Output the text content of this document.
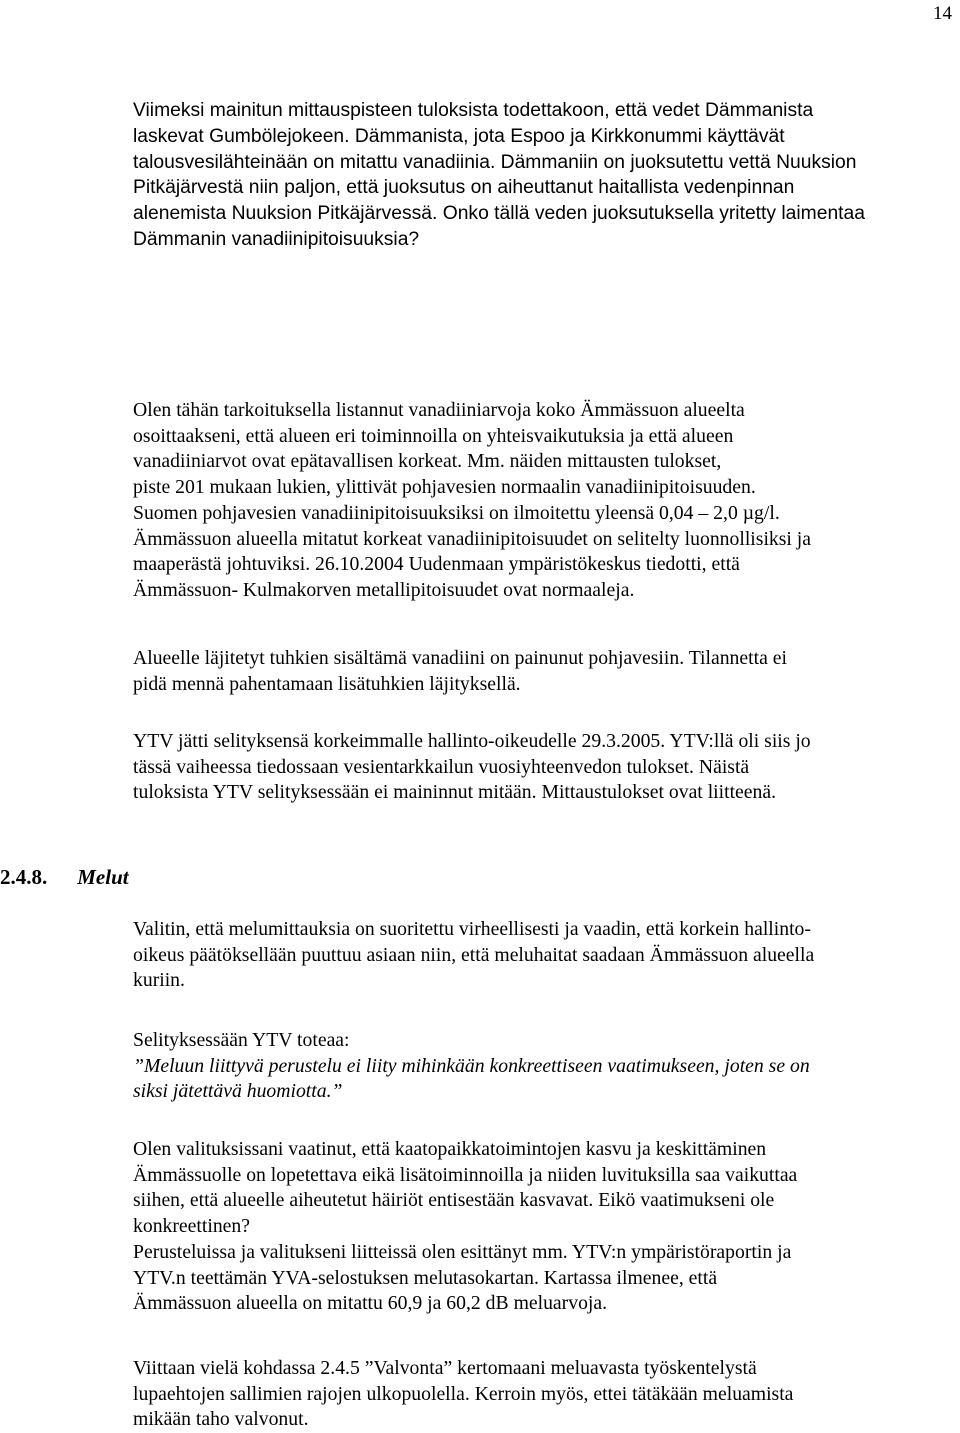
14
Viimeksi mainitun mittauspisteen tuloksista todettakoon, että vedet Dämmanista
laskevat Gumbölejokeen. Dämmanista, jota Espoo ja Kirkkonummi käyttävät
talousvesilähteinään on mitattu vanadiinia. Dämmaniin on juoksutettu vettä Nuuksion
Pitkäjärvestä niin paljon, että juoksutus on aiheuttanut haitallista vedenpinnan
alenemista Nuuksion Pitkäjärvessä. Onko tällä veden juoksutuksella yritetty laimentaa
Dämmanin vanadiinipitoisuuksia?
Olen tähän tarkoituksella listannut vanadiiniarvoja koko Ämmässuon alueelta
osoittaakseni, että alueen eri toiminnoilla on yhteisvaikutuksia ja että alueen
vanadiiniarvot ovat epätavallisen korkeat. Mm. näiden mittausten tulokset,
piste 201 mukaan lukien, ylittivät pohjavesien normaalin vanadiinipitoisuuden.
Suomen pohjavesien vanadiinipitoisuuksiksi on ilmoitettu yleensä 0,04 – 2,0 µg/l.
Ämmässuon alueella mitatut korkeat vanadiinipitoisuudet on selitelty luonnollisiksi ja
maaperästä johtuviksi. 26.10.2004 Uudenmaan ympäristökeskus tiedotti, että
Ämmässuon- Kulmakorven metallipitoisuudet ovat normaaleja.
Alueelle läjitetyt tuhkien sisältämä vanadiini on painunut pohjavesiin. Tilannetta ei
pidä mennä pahentamaan lisätuhkien läjityksellä.
YTV jätti selityksensä korkeimmalle hallinto-oikeudelle 29.3.2005. YTV:llä oli siis jo
tässä vaiheessa tiedossaan vesientarkkailun vuosiyhteenvedon tulokset. Näistä
tuloksista YTV selityksessään ei maininnut mitään. Mittaustulokset ovat liitteenä.
2.4.8. Melut
Valitin, että melumittauksia on suoritettu virheellisesti ja vaadin, että korkein hallinto-
oikeus päätöksellään puuttuu asiaan niin, että meluhaitat saadaan Ämmässuon alueella
kuriin.
Selityksessään YTV toteaa:
”Meluun liittyvä perustelu ei liity mihinkään konkreettiseen vaatimukseen, joten se on
siksi jätettävä huomiotta.”
Olen valituksissani vaatinut, että kaatopaikkatoimintojen kasvu ja keskittäminen
Ämmässuolle on lopetettava eikä lisätoiminnoilla ja niiden luvituksilla saa vaikuttaa
siihen, että alueelle aiheutetut häiriöt entisestään kasvavat. Eikö vaatimukseni ole
konkreettinen?
Perusteluissa ja valitukseni liitteissä olen esittänyt mm. YTV:n ympäristöraportin ja
YTV.n teettämän YVA-selostuksen melutasokartan. Kartassa ilmenee, että
Ämmässuon alueella on mitattu 60,9 ja 60,2 dB meluarvoja.
Viittaan vielä kohdassa 2.4.5 ”Valvonta” kertomaani meluavasta työskentelystä
lupaehtojen sallimien rajojen ulkopuolella. Kerroin myös, ettei tätäkään meluamista
mikään taho valvonut.
